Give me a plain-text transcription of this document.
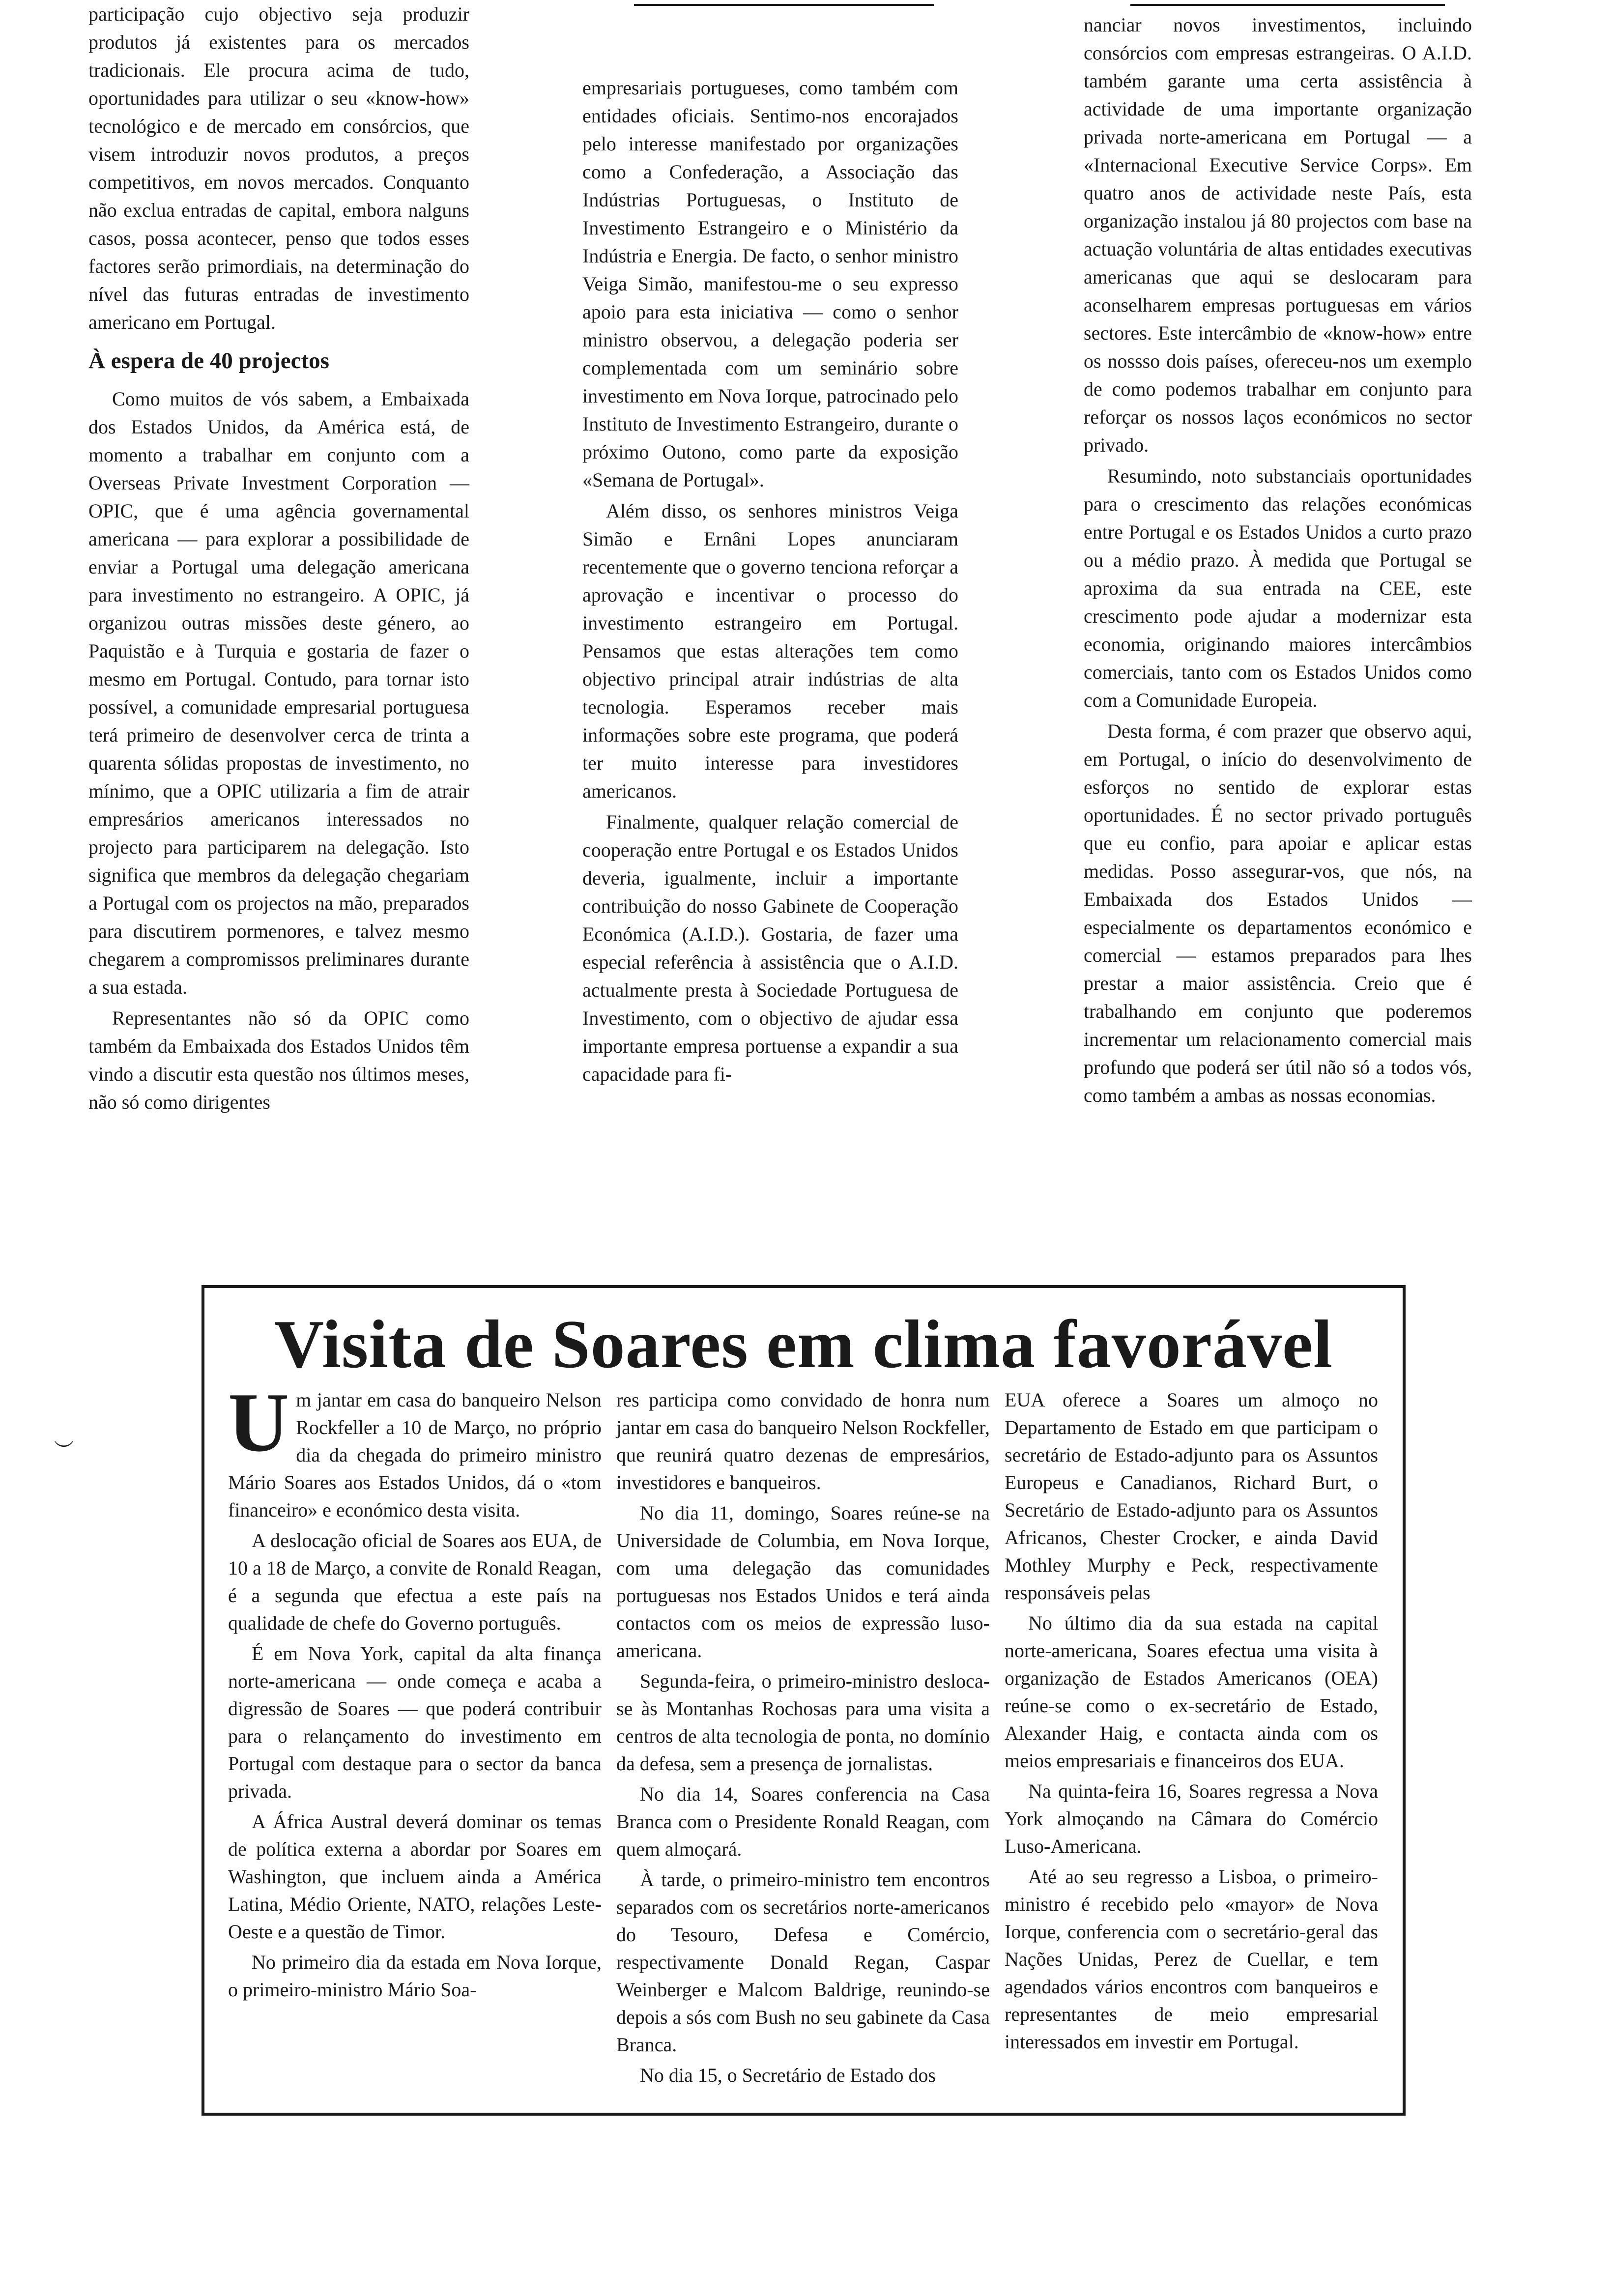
participação cujo objectivo seja produzir produtos já existentes para os mercados tradicionais. Ele procura acima de tudo, oportunidades para utilizar o seu «know-how» tecnológico e de mercado em consórcios, que visem introduzir novos produtos, a preços competitivos, em novos mercados. Conquanto não exclua entradas de capital, embora nalguns casos, possa acontecer, penso que todos esses factores serão primordiais, na determinação do nível das futuras entradas de investimento americano em Portugal.

À espera de 40 projectos

Como muitos de vós sabem, a Embaixada dos Estados Unidos, da América está, de momento a trabalhar em conjunto com a Overseas Private Investment Corporation — OPIC, que é uma agência governamental americana — para explorar a possibilidade de enviar a Portugal uma delegação americana para investimento no estrangeiro. A OPIC, já organizou outras missões deste género, ao Paquistão e à Turquia e gostaria de fazer o mesmo em Portugal. Contudo, para tornar isto possível, a comunidade empresarial portuguesa terá primeiro de desenvolver cerca de trinta a quarenta sólidas propostas de investimento, no mínimo, que a OPIC utilizaria a fim de atrair empresários americanos interessados no projecto para participarem na delegação. Isto significa que membros da delegação chegariam a Portugal com os projectos na mão, preparados para discutirem pormenores, e talvez mesmo chegarem a compromissos preliminares durante a sua estada.

Representantes não só da OPIC como também da Embaixada dos Estados Unidos têm vindo a discutir esta questão nos últimos meses, não só como dirigentes

empresariais portugueses, como também com entidades oficiais. Sentimo-nos encorajados pelo interesse manifestado por organizações como a Confederação, a Associação das Indústrias Portuguesas, o Instituto de Investimento Estrangeiro e o Ministério da Indústria e Energia. De facto, o senhor ministro Veiga Simão, manifestou-me o seu expresso apoio para esta iniciativa — como o senhor ministro observou, a delegação poderia ser complementada com um seminário sobre investimento em Nova Iorque, patrocinado pelo Instituto de Investimento Estrangeiro, durante o próximo Outono, como parte da exposição «Semana de Portugal».

Além disso, os senhores ministros Veiga Simão e Ernâni Lopes anunciaram recentemente que o governo tenciona reforçar a aprovação e incentivar o processo do investimento estrangeiro em Portugal. Pensamos que estas alterações tem como objectivo principal atrair indústrias de alta tecnologia. Esperamos receber mais informações sobre este programa, que poderá ter muito interesse para investidores americanos.

Finalmente, qualquer relação comercial de cooperação entre Portugal e os Estados Unidos deveria, igualmente, incluir a importante contribuição do nosso Gabinete de Cooperação Económica (A.I.D.). Gostaria, de fazer uma especial referência à assistência que o A.I.D. actualmente presta à Sociedade Portuguesa de Investimento, com o objectivo de ajudar essa importante empresa portuense a expandir a sua capacidade para fi-

nanciar novos investimentos, incluindo consórcios com empresas estrangeiras. O A.I.D. também garante uma certa assistência à actividade de uma importante organização privada norte-americana em Portugal — a «Internacional Executive Service Corps». Em quatro anos de actividade neste País, esta organização instalou já 80 projectos com base na actuação voluntária de altas entidades executivas americanas que aqui se deslocaram para aconselharem empresas portuguesas em vários sectores. Este intercâmbio de «know-how» entre os nossso dois países, ofereceu-nos um exemplo de como podemos trabalhar em conjunto para reforçar os nossos laços económicos no sector privado.

Resumindo, noto substanciais oportunidades para o crescimento das relações económicas entre Portugal e os Estados Unidos a curto prazo ou a médio prazo. À medida que Portugal se aproxima da sua entrada na CEE, este crescimento pode ajudar a modernizar esta economia, originando maiores intercâmbios comerciais, tanto com os Estados Unidos como com a Comunidade Europeia.

Desta forma, é com prazer que observo aqui, em Portugal, o início do desenvolvimento de esforços no sentido de explorar estas oportunidades. É no sector privado português que eu confio, para apoiar e aplicar estas medidas. Posso assegurar-vos, que nós, na Embaixada dos Estados Unidos — especialmente os departamentos económico e comercial — estamos preparados para lhes prestar a maior assistência. Creio que é trabalhando em conjunto que poderemos incrementar um relacionamento comercial mais profundo que poderá ser útil não só a todos vós, como também a ambas as nossas economias.

︶
Visita de Soares em clima favorável
U m jantar em casa do banqueiro Nelson Rockfeller a 10 de Março, no próprio dia da chegada do primeiro ministro Mário Soares aos Estados Unidos, dá o «tom financeiro» e económico desta visita.

A deslocação oficial de Soares aos EUA, de 10 a 18 de Março, a convite de Ronald Reagan, é a segunda que efectua a este país na qualidade de chefe do Governo português.

É em Nova York, capital da alta finança norte-americana — onde começa e acaba a digressão de Soares — que poderá contribuir para o relançamento do investimento em Portugal com destaque para o sector da banca privada.

A África Austral deverá dominar os temas de política externa a abordar por Soares em Washington, que incluem ainda a América Latina, Médio Oriente, NATO, relações Leste-Oeste e a questão de Timor.

No primeiro dia da estada em Nova Iorque, o primeiro-ministro Mário Soa-

res participa como convidado de honra num jantar em casa do banqueiro Nelson Rockfeller, que reunirá quatro dezenas de empresários, investidores e banqueiros.

No dia 11, domingo, Soares reúne-se na Universidade de Columbia, em Nova Iorque, com uma delegação das comunidades portuguesas nos Estados Unidos e terá ainda contactos com os meios de expressão luso-americana.

Segunda-feira, o primeiro-ministro desloca-se às Montanhas Rochosas para uma visita a centros de alta tecnologia de ponta, no domínio da defesa, sem a presença de jornalistas.

No dia 14, Soares conferencia na Casa Branca com o Presidente Ronald Reagan, com quem almoçará.

À tarde, o primeiro-ministro tem encontros separados com os secretários norte-americanos do Tesouro, Defesa e Comércio, respectivamente Donald Regan, Caspar Weinberger e Malcom Baldrige, reunindo-se depois a sós com Bush no seu gabinete da Casa Branca.

No dia 15, o Secretário de Estado dos

EUA oferece a Soares um almoço no Departamento de Estado em que participam o secretário de Estado-adjunto para os Assuntos Europeus e Canadianos, Richard Burt, o Secretário de Estado-adjunto para os Assuntos Africanos, Chester Crocker, e ainda David Mothley Murphy e Peck, respectivamente responsáveis pelas

No último dia da sua estada na capital norte-americana, Soares efectua uma visita à organização de Estados Americanos (OEA) reúne-se como o ex-secretário de Estado, Alexander Haig, e contacta ainda com os meios empresariais e financeiros dos EUA.

Na quinta-feira 16, Soares regressa a Nova York almoçando na Câmara do Comércio Luso-Americana.

Até ao seu regresso a Lisboa, o primeiro-ministro é recebido pelo «mayor» de Nova Iorque, conferencia com o secretário-geral das Nações Unidas, Perez de Cuellar, e tem agendados vários encontros com banqueiros e representantes de meio empresarial interessados em investir em Portugal.
